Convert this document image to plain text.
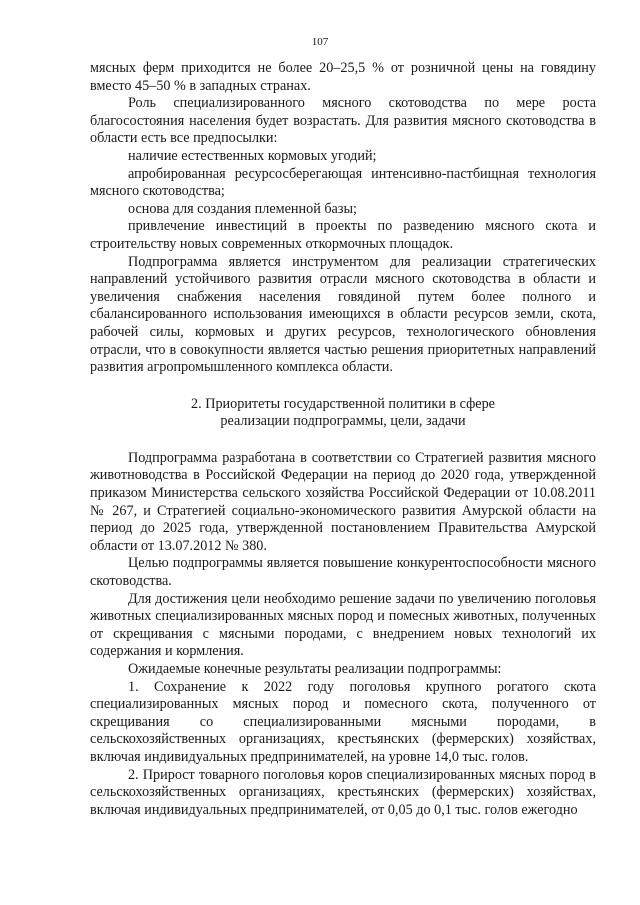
107

мясных ферм приходится не более 20–25,5 % от розничной цены на говядину вместо 45–50 % в западных странах.

Роль специализированного мясного скотоводства по мере роста благосостояния населения будет возрастать. Для развития мясного скотоводства в области есть все предпосылки:

наличие естественных кормовых угодий;

апробированная ресурсосберегающая интенсивно-пастбищная технология мясного скотоводства;

основа для создания племенной базы;

привлечение инвестиций в проекты по разведению мясного скота и строительству новых современных откормочных площадок.

Подпрограмма является инструментом для реализации стратегических направлений устойчивого развития отрасли мясного скотоводства в области и увеличения снабжения населения говядиной путем более полного и сбалансированного использования имеющихся в области ресурсов земли, скота, рабочей силы, кормовых и других ресурсов, технологического обновления отрасли, что в совокупности является частью решения приоритетных направлений развития агропромышленного комплекса области.

2. Приоритеты государственной политики в сфере
реализации подпрограммы, цели, задачи

Подпрограмма разработана в соответствии со Стратегией развития мясного животноводства в Российской Федерации на период до 2020 года, утвержденной приказом Министерства сельского хозяйства Российской Федерации от 10.08.2011 № 267, и Стратегией социально-экономического развития Амурской области на период до 2025 года, утвержденной постановлением Правительства Амурской области от 13.07.2012 № 380.

Целью подпрограммы является повышение конкурентоспособности мясного скотоводства.

Для достижения цели необходимо решение задачи по увеличению поголовья животных специализированных мясных пород и помесных животных, полученных от скрещивания с мясными породами, с внедрением новых технологий их содержания и кормления.

Ожидаемые конечные результаты реализации подпрограммы:

1. Сохранение к 2022 году поголовья крупного рогатого скота специализированных мясных пород и помесного скота, полученного от скрещивания со специализированными мясными породами, в сельскохозяйственных организациях, крестьянских (фермерских) хозяйствах, включая индивидуальных предпринимателей, на уровне 14,0 тыс. голов.

2. Прирост товарного поголовья коров специализированных мясных пород в сельскохозяйственных организациях, крестьянских (фермерских) хозяйствах, включая индивидуальных предпринимателей, от 0,05 до 0,1 тыс. голов ежегодно
